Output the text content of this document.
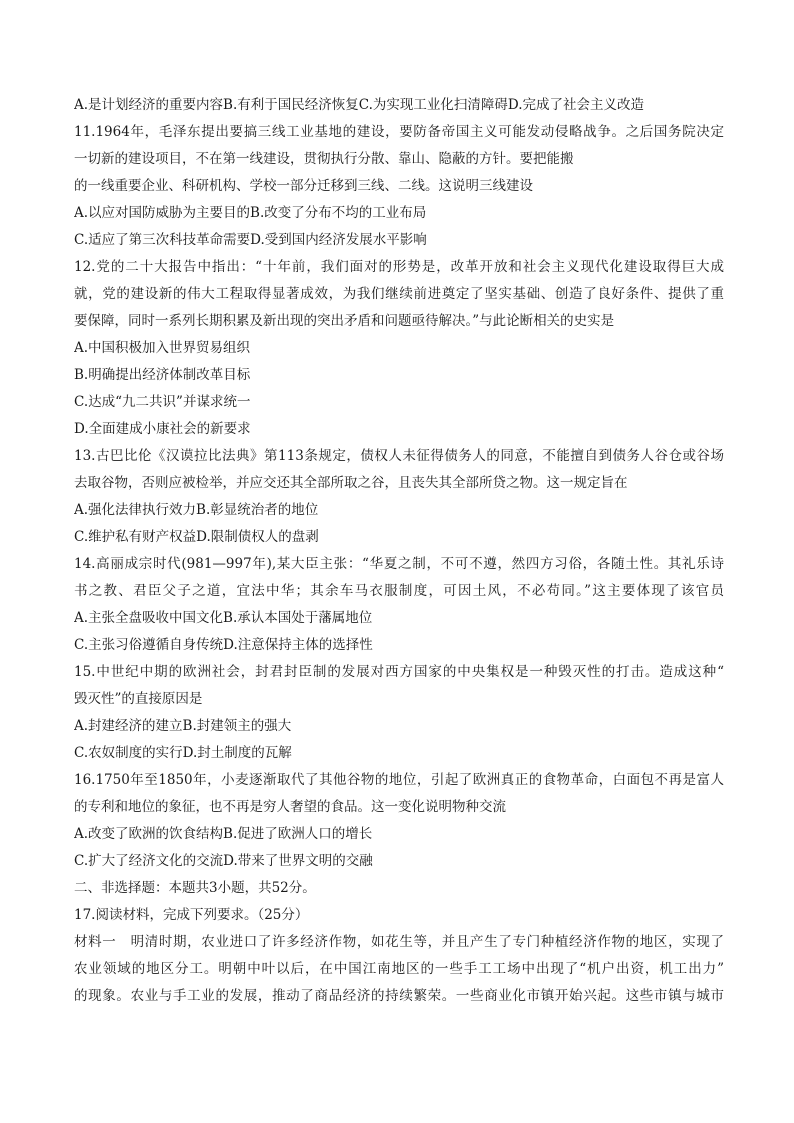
A.是计划经济的重要内容B.有利于国民经济恢复C.为实现工业化扫清障碍D.完成了社会主义改造
11.1964年，毛泽东提出要搞三线工业基地的建设，要防备帝国主义可能发动侵略战争。之后国务院决定
一切新的建设项目，不在第一线建设，贯彻执行分散、靠山、隐蔽的方针。要把能搬
的一线重要企业、科研机构、学校一部分迁移到三线、二线。这说明三线建设
A.以应对国防威胁为主要目的B.改变了分布不均的工业布局
C.适应了第三次科技革命需要D.受到国内经济发展水平影响
12.党的二十大报告中指出：“十年前，我们面对的形势是，改革开放和社会主义现代化建设取得巨大成
就，党的建设新的伟大工程取得显著成效，为我们继续前进奠定了坚实基础、创造了良好条件、提供了重
要保障，同时一系列长期积累及新出现的突出矛盾和问题亟待解决。”与此论断相关的史实是
A.中国积极加入世界贸易组织
B.明确提出经济体制改革目标
C.达成“九二共识”并谋求统一
D.全面建成小康社会的新要求
13.古巴比伦《汉谟拉比法典》第113条规定，债权人未征得债务人的同意，不能擅自到债务人谷仓或谷场
去取谷物，否则应被检举，并应交还其全部所取之谷，且丧失其全部所贷之物。这一规定旨在
A.强化法律执行效力B.彰显统治者的地位
C.维护私有财产权益D.限制债权人的盘剥
14.高丽成宗时代(981—997年),某大臣主张：“华夏之制，不可不遵，然四方习俗，各随土性。其礼乐诗
书之教、君臣父子之道，宜法中华；其余车马衣服制度，可因土风，不必苟同。”这主要体现了该官员
A.主张全盘吸收中国文化B.承认本国处于藩属地位
C.主张习俗遵循自身传统D.注意保持主体的选择性
15.中世纪中期的欧洲社会，封君封臣制的发展对西方国家的中央集权是一种毁灭性的打击。造成这种“
毁灭性”的直接原因是
A.封建经济的建立B.封建领主的强大
C.农奴制度的实行D.封土制度的瓦解
16.1750年至1850年，小麦逐渐取代了其他谷物的地位，引起了欧洲真正的食物革命，白面包不再是富人
的专利和地位的象征，也不再是穷人奢望的食品。这一变化说明物种交流
A.改变了欧洲的饮食结构B.促进了欧洲人口的增长
C.扩大了经济文化的交流D.带来了世界文明的交融
二、非选择题：本题共3小题，共52分。
17.阅读材料，完成下列要求。（25分）
材料一　明清时期，农业进口了许多经济作物，如花生等，并且产生了专门种植经济作物的地区，实现了
农业领域的地区分工。明朝中叶以后，在中国江南地区的一些手工工场中出现了“机户出资，机工出力”
的现象。农业与手工业的发展，推动了商品经济的持续繁荣。一些商业化市镇开始兴起。这些市镇与城市
